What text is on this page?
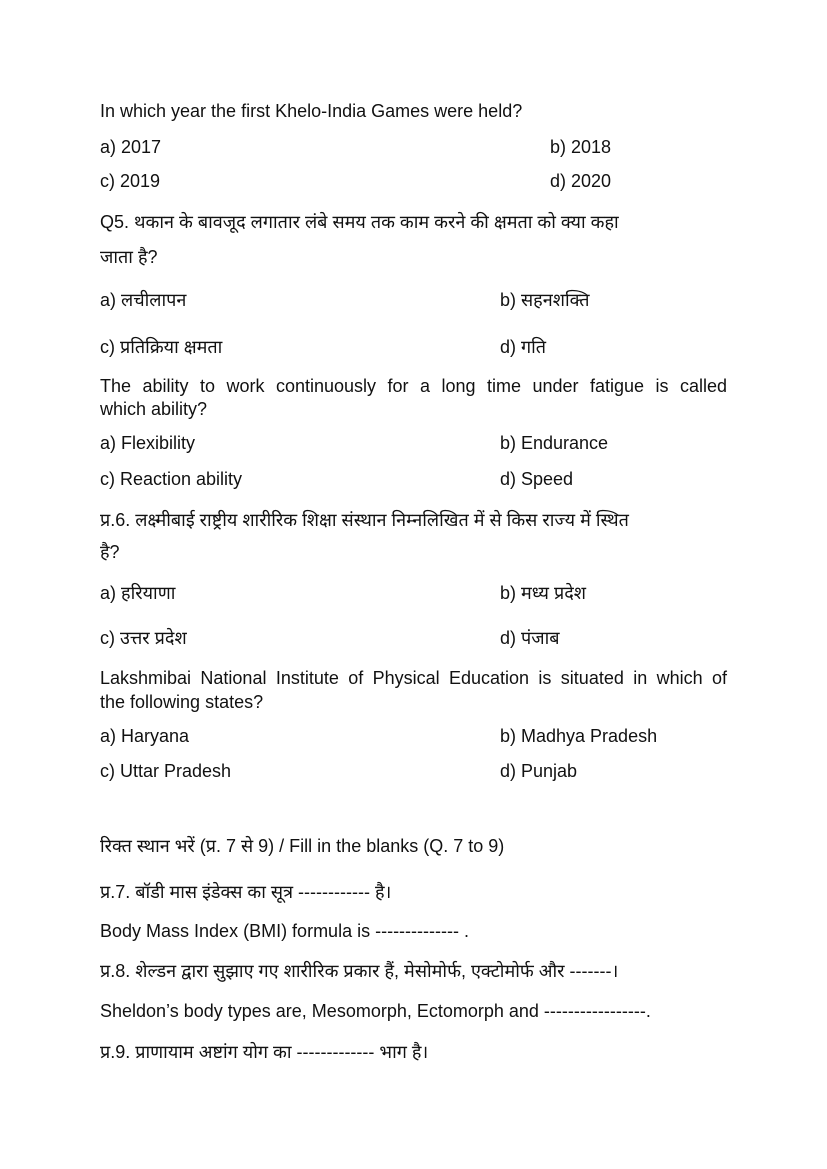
In which year the first Khelo-India Games were held?
a) 2017	b) 2018
c) 2019	d) 2020
Q5. थकान के बावजूद लगातार लंबे समय तक काम करने की क्षमता को क्या कहा
जाता है?
a) लचीलापन	b) सहनशक्ति
c) प्रतिक्रिया क्षमता	d) गति
The ability to work continuously for a long time under fatigue is called
which ability?
a) Flexibility	b) Endurance
c) Reaction ability	d) Speed
प्र.6. लक्ष्मीबाई राष्ट्रीय शारीरिक शिक्षा संस्थान निम्नलिखित में से किस राज्य में स्थित
है?
a) हरियाणा	b) मध्य प्रदेश
c) उत्तर प्रदेश	d) पंजाब
Lakshmibai National Institute of Physical Education is situated in which of
the following states?
a) Haryana	b) Madhya Pradesh
c) Uttar Pradesh	d) Punjab
रिक्त स्थान भरें (प्र. 7 से 9) / Fill in the blanks (Q. 7 to 9)
प्र.7. बॉडी मास इंडेक्स का सूत्र ------------ है।
Body Mass Index (BMI) formula is -------------- .
प्र.8. शेल्डन द्वारा सुझाए गए शारीरिक प्रकार हैं, मेसोमोर्फ, एक्टोमोर्फ और -------।
Sheldon’s body types are, Mesomorph, Ectomorph and -----------------.
प्र.9. प्राणायाम अष्टांग योग का ------------- भाग है।
